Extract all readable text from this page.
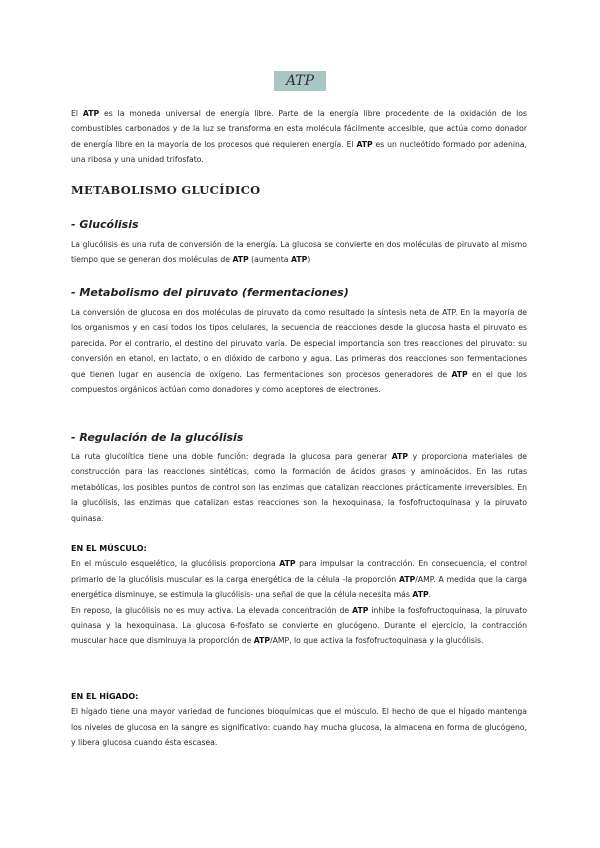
ATP

El ATP es la moneda universal de energía libre. Parte de la energía libre procedente de la oxidación de los combustibles carbonados y de la luz se transforma en esta molécula fácilmente accesible, que actúa como donador de energía libre en la mayoría de los procesos que requieren energía. El ATP es un nucleótido formado por adenina, una ribosa y una unidad trifosfato.

METABOLISMO GLUCÍDICO
- Glucólisis

La glucólisis es una ruta de conversión de la energía. La glucosa se convierte en dos moléculas de piruvato al mismo tiempo que se generan dos moléculas de ATP (aumenta ATP)

- Metabolismo del piruvato (fermentaciones)

La conversión de glucosa en dos moléculas de piruvato da como resultado la síntesis neta de ATP. En la mayoría de los organismos y en casi todos los tipos celulares, la secuencia de reacciones desde la glucosa hasta el piruvato es parecida. Por el contrario, el destino del piruvato varía. De especial importancia son tres reacciones del piruvato: su conversión en etanol, en lactato, o en dióxido de carbono y agua. Las primeras dos reacciones son fermentaciones que tienen lugar en ausencia de oxígeno. Las fermentaciones son procesos generadores de ATP en el que los compuestos orgánicos actúan como donadores y como aceptores de electrones.

- Regulación de la glucólisis

La ruta glucolítica tiene una doble función: degrada la glucosa para generar ATP y proporciona materiales de construcción para las reacciones sintéticas, como la formación de ácidos grasos y aminoácidos. En las rutas metabólicas, los posibles puntos de control son las enzimas que catalizan reacciones prácticamente irreversibles. En la glucólisis, las enzimas que catalizan estas reacciones son la hexoquinasa, la fosfofructoquinasa y la piruvato quinasa.

EN EL MÚSCULO:

En el músculo esquelético, la glucólisis proporciona ATP para impulsar la contracción. En consecuencia, el control primario de la glucólisis muscular es la carga energética de la célula -la proporción ATP/AMP. A medida que la carga energética disminuye, se estimula la glucólisis- una señal de que la célula necesita más ATP.

En reposo, la glucólisis no es muy activa. La elevada concentración de ATP inhibe la fosfofructoquinasa, la piruvato quinasa y la hexoquinasa. La glucosa 6-fosfato se convierte en glucógeno. Durante el ejercicio, la contracción muscular hace que disminuya la proporción de ATP/AMP, lo que activa la fosfofructoquinasa y la glucólisis.

EN EL HÍGADO:

El hígado tiene una mayor variedad de funciones bioquímicas que el músculo. El hecho de que el hígado mantenga los niveles de glucosa en la sangre es significativo: cuando hay mucha glucosa, la almacena en forma de glucógeno, y libera glucosa cuando ésta escasea.
